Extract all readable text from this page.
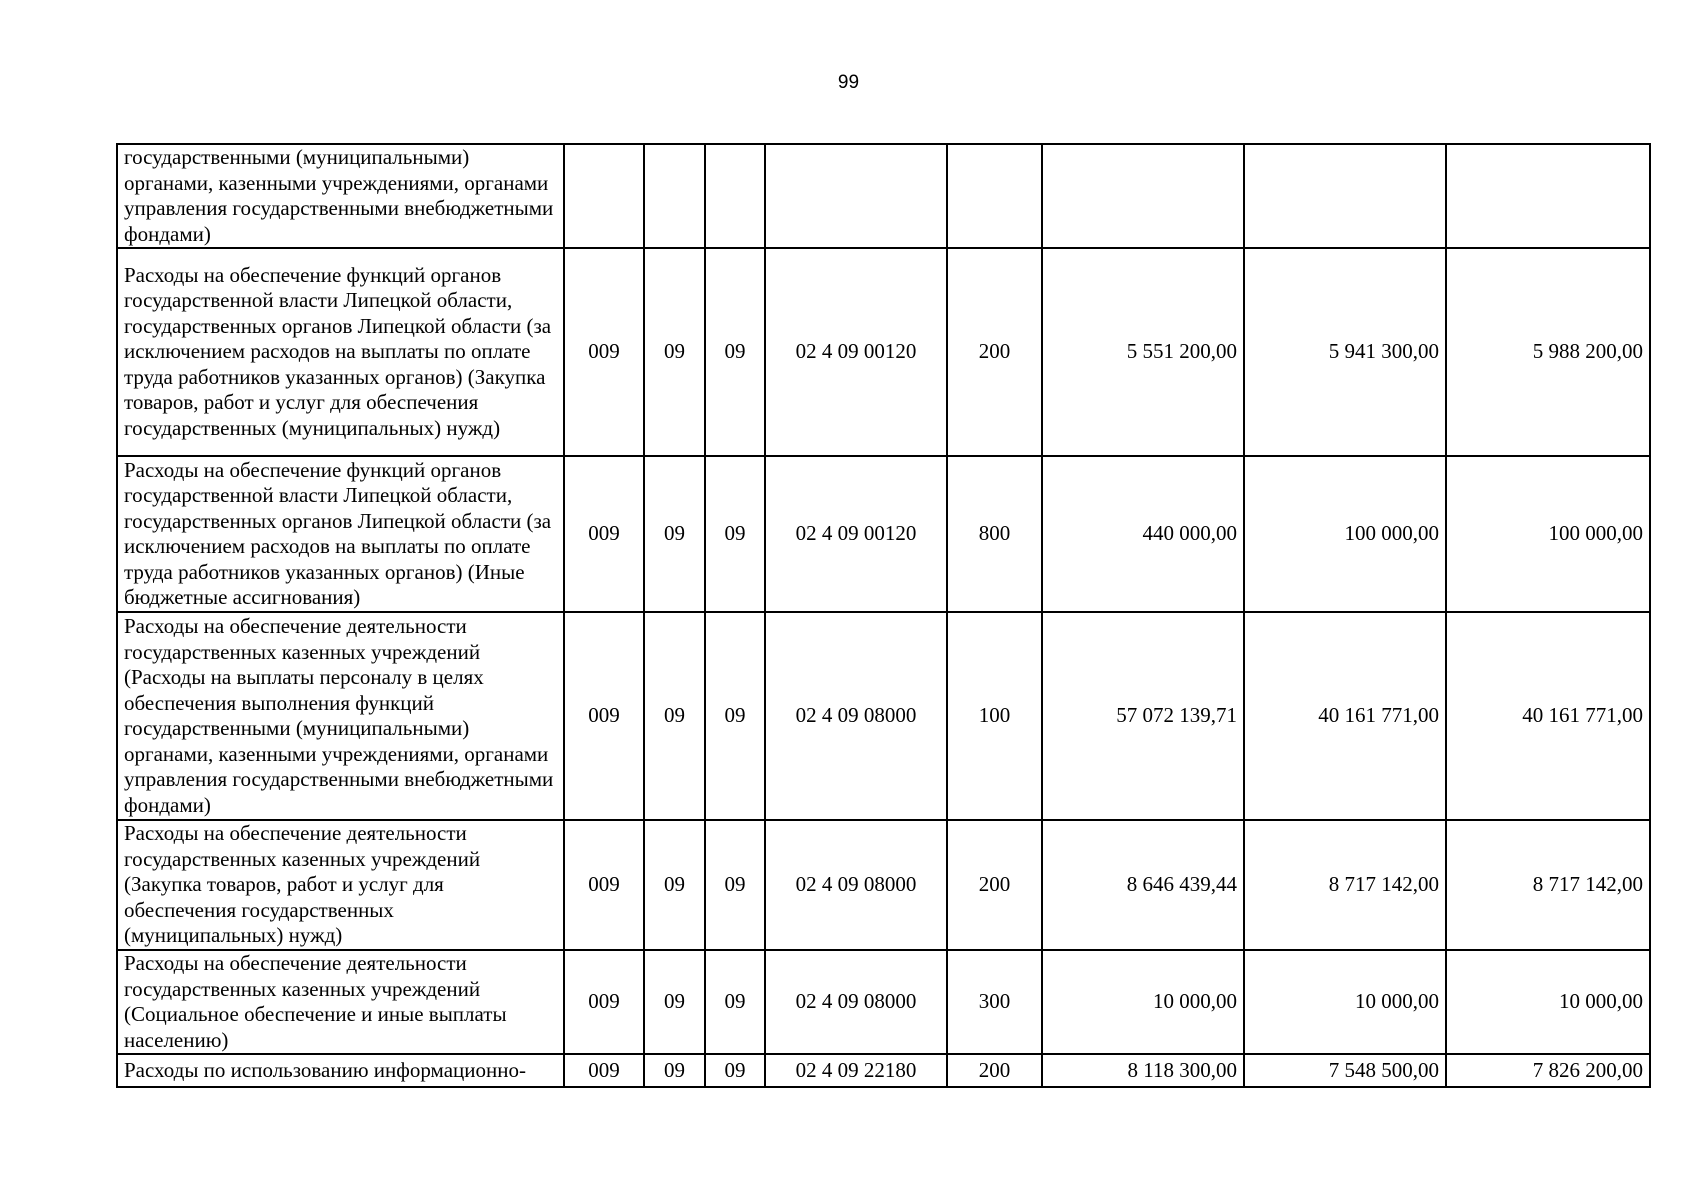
99
государственными (муниципальными) органами, казенными учреждениями, органами управления государственными внебюджетными фондами)								
Расходы на обеспечение функций органов государственной власти Липецкой области, государственных органов Липецкой области (за исключением расходов на выплаты по оплате труда работников указанных органов) (Закупка товаров, работ и услуг для обеспечения государственных (муниципальных) нужд)	009	09	09	02 4 09 00120	200	5 551 200,00	5 941 300,00	5 988 200,00
Расходы на обеспечение функций органов государственной власти Липецкой области, государственных органов Липецкой области (за исключением расходов на выплаты по оплате труда работников указанных органов) (Иные бюджетные ассигнования)	009	09	09	02 4 09 00120	800	440 000,00	100 000,00	100 000,00
Расходы на обеспечение деятельности государственных казенных учреждений (Расходы на выплаты персоналу в целях обеспечения выполнения функций государственными (муниципальными) органами, казенными учреждениями, органами управления государственными внебюджетными фондами)	009	09	09	02 4 09 08000	100	57 072 139,71	40 161 771,00	40 161 771,00
Расходы на обеспечение деятельности государственных казенных учреждений (Закупка товаров, работ и услуг для обеспечения государственных (муниципальных) нужд)	009	09	09	02 4 09 08000	200	8 646 439,44	8 717 142,00	8 717 142,00
Расходы на обеспечение деятельности государственных казенных учреждений (Социальное обеспечение и иные выплаты населению)	009	09	09	02 4 09 08000	300	10 000,00	10 000,00	10 000,00
Расходы по использованию информационно-	009	09	09	02 4 09 22180	200	8 118 300,00	7 548 500,00	7 826 200,00
